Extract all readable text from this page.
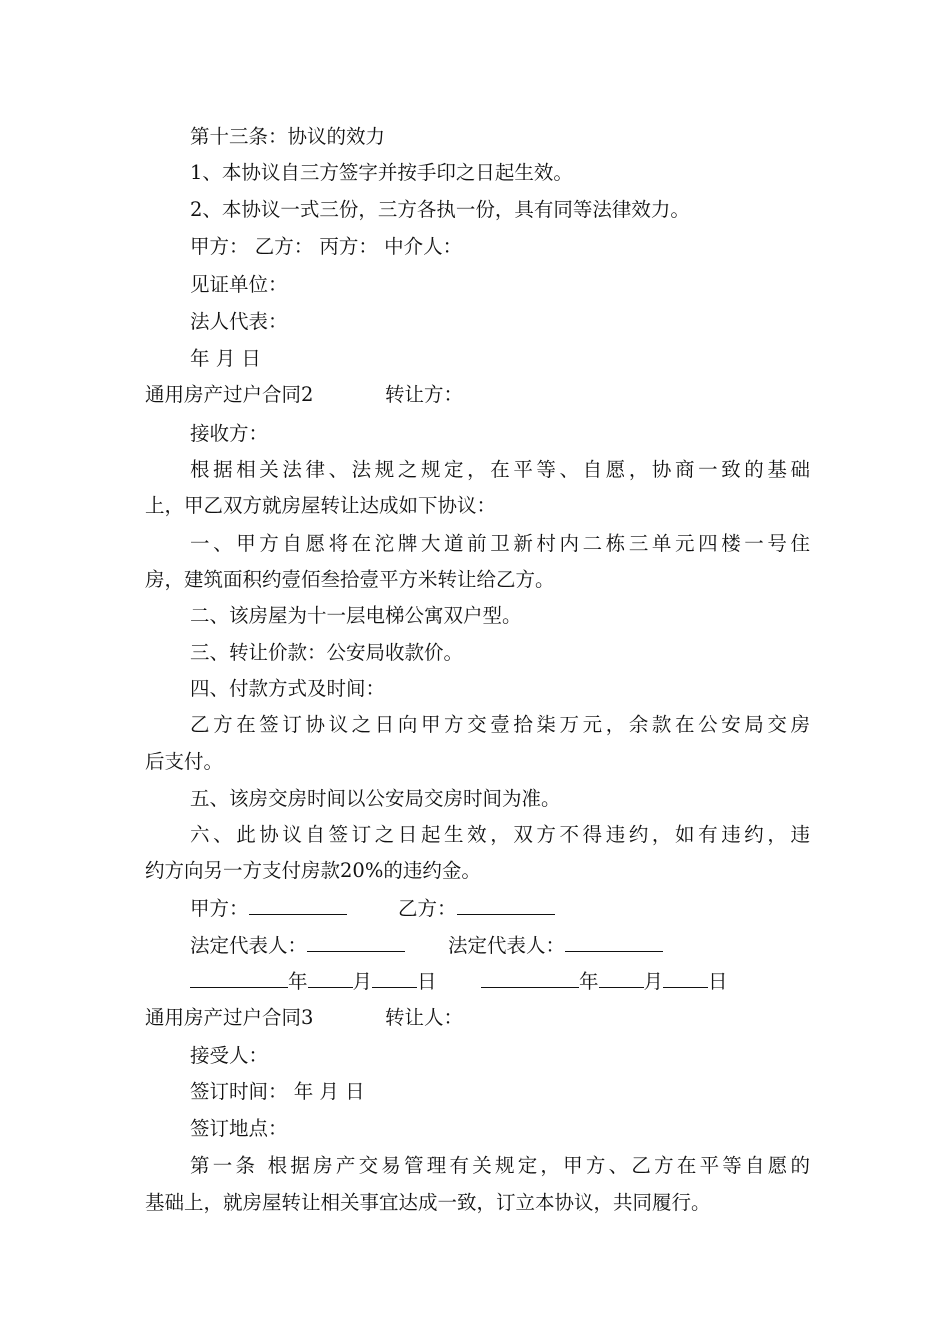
第十三条：协议的效力
1、本协议自三方签字并按手印之日起生效。
2、本协议一式三份，三方各执一份，具有同等法律效力。
甲方： 乙方： 丙方： 中介人：
见证单位：
法人代表：
年 月 日
通用房产过户合同2	转让方：
接收方：
根据相关法律、法规之规定，在平等、自愿，协商一致的基础
上，甲乙双方就房屋转让达成如下协议：
一、甲方自愿将在沱牌大道前卫新村内二栋三单元四楼一号住
房，建筑面积约壹佰叁拾壹平方米转让给乙方。
二、该房屋为十一层电梯公寓双户型。
三、转让价款：公安局收款价。
四、付款方式及时间：
乙方在签订协议之日向甲方交壹拾柒万元，余款在公安局交房
后支付。
五、该房交房时间以公安局交房时间为准。
六、此协议自签订之日起生效，双方不得违约，如有违约，违
约方向另一方支付房款20%的违约金。
甲方：	乙方：
法定代表人：	法定代表人：
年 月 日	年 月 日
通用房产过户合同3	转让人：
接受人：
签订时间： 年 月 日
签订地点：
第一条 根据房产交易管理有关规定，甲方、乙方在平等自愿的
基础上，就房屋转让相关事宜达成一致，订立本协议，共同履行。
